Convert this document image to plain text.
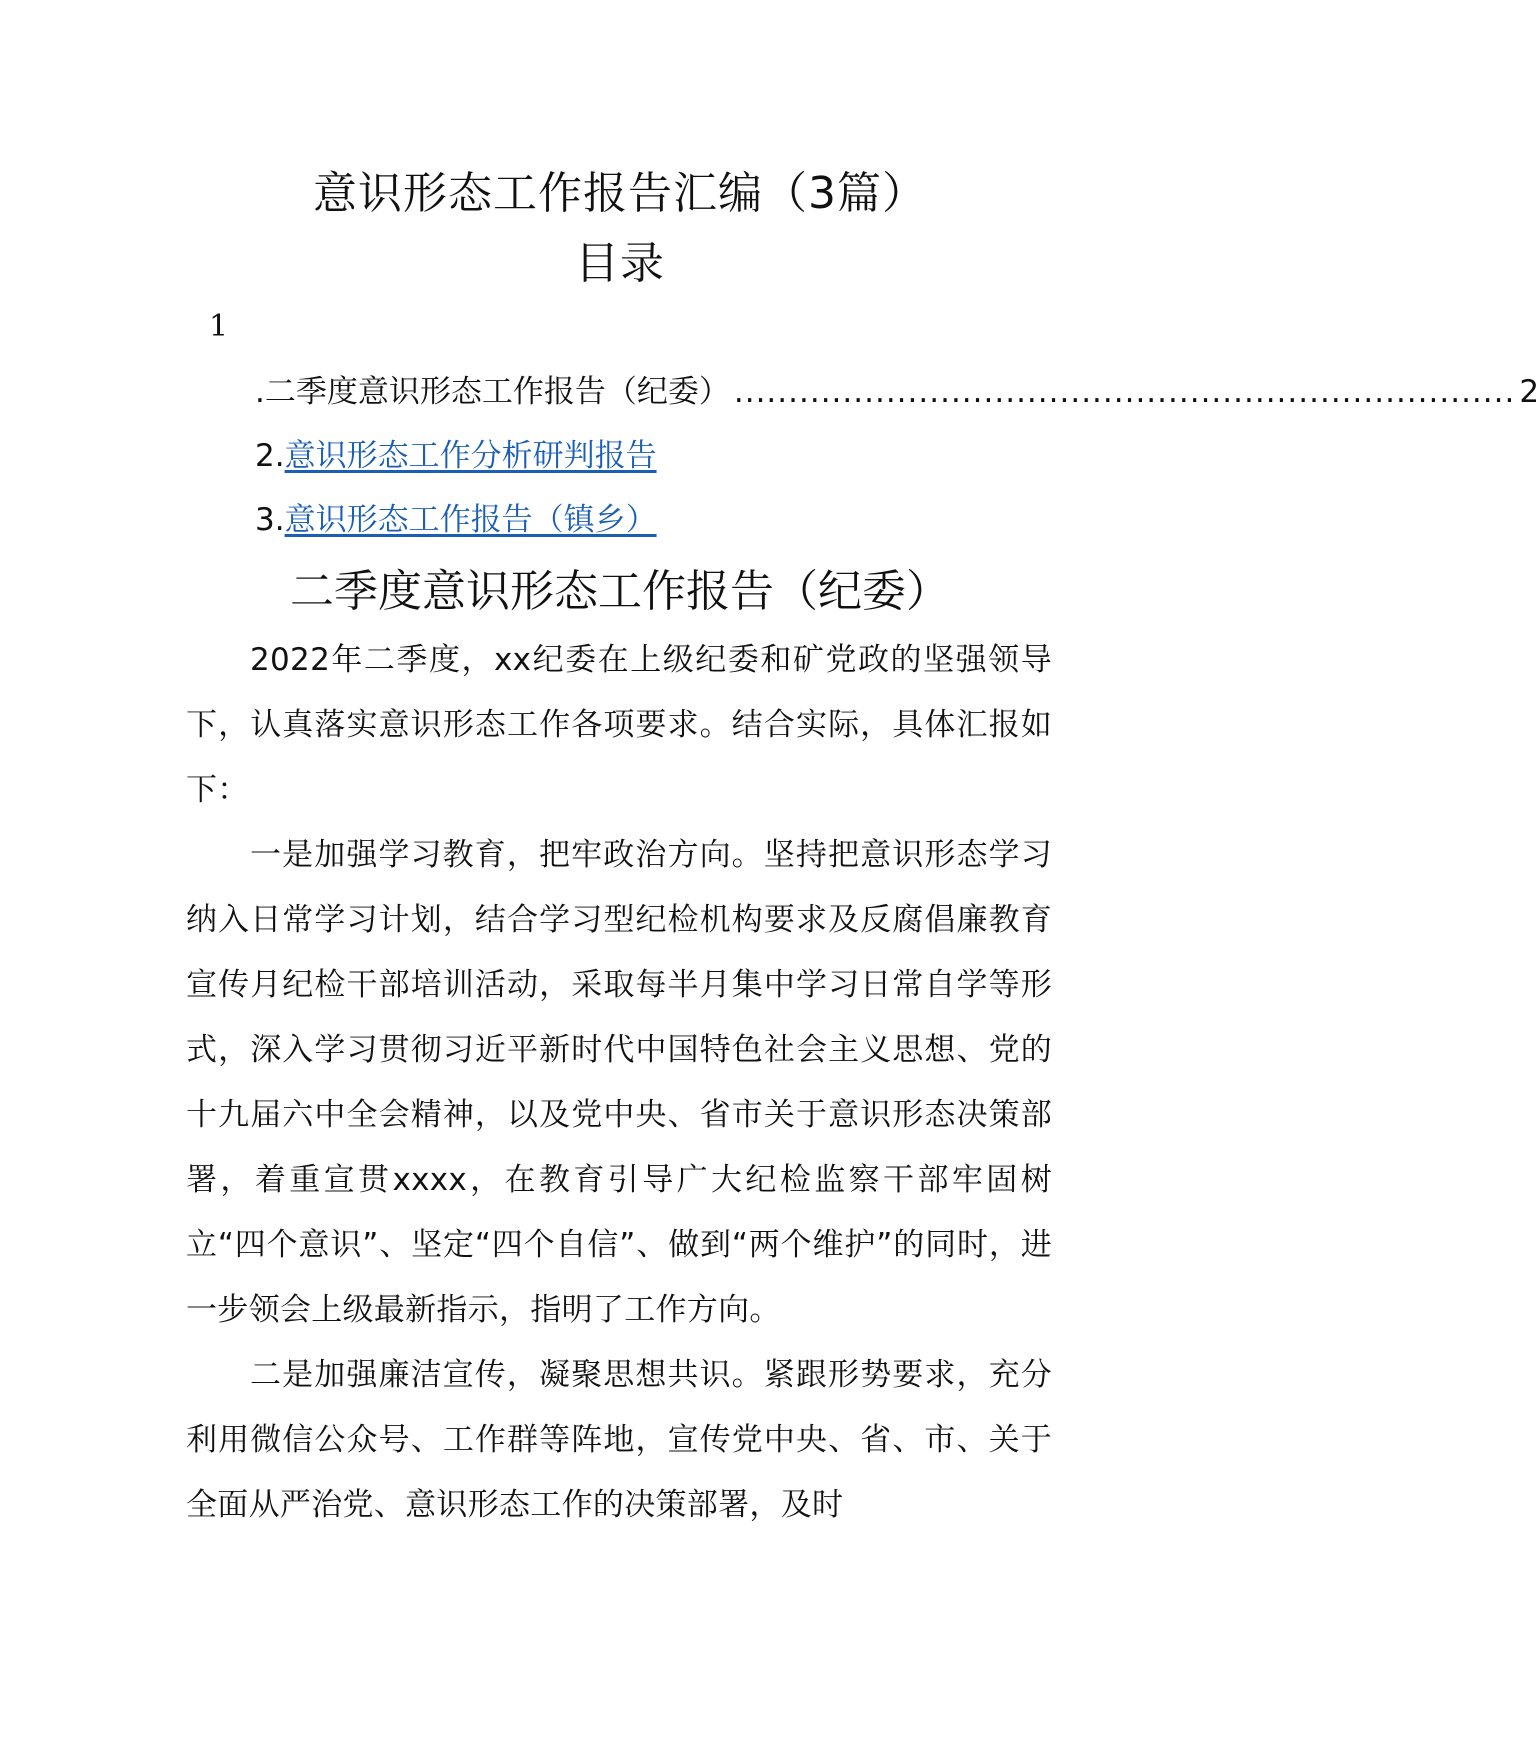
意识形态工作报告汇编（3篇）
目录
1
. 二季度意识形态工作报告（纪委） ........................................................................ 2
2.意识形态工作分析研判报告
3.意识形态工作报告（镇乡）
二季度意识形态工作报告（纪委）

2022年二季度，xx纪委在上级纪委和矿党政的坚强领导下，认真落实意识形态工作各项要求。结合实际，具体汇报如下：

一是加强学习教育，把牢政治方向。坚持把意识形态学习纳入日常学习计划，结合学习型纪检机构要求及反腐倡廉教育宣传月纪检干部培训活动，采取每半月集中学习日常自学等形式，深入学习贯彻习近平新时代中国特色社会主义思想、党的十九届六中全会精神，以及党中央、省市关于意识形态决策部署，着重宣贯xxxx，在教育引导广大纪检监察干部牢固树立“四个意识”、坚定“四个自信”、做到“两个维护”的同时，进一步领会上级最新指示，指明了工作方向。

二是加强廉洁宣传，凝聚思想共识。紧跟形势要求，充分利用微信公众号、工作群等阵地，宣传党中央、省、市、关于全面从严治党、意识形态工作的决策部署，及时
